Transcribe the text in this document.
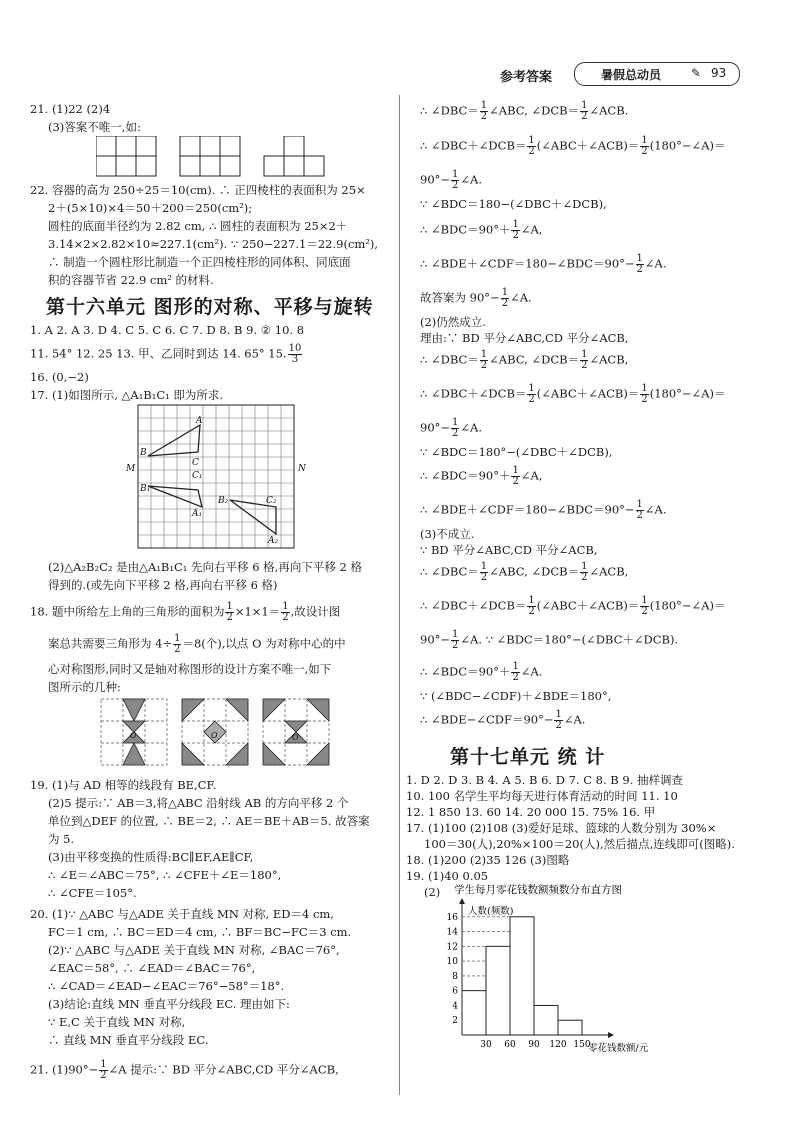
参考答案	暑假总动员 ✎ 93
21. (1)22 (2)4
(3)答案不唯一,如:
22. 容器的高为 250÷25＝10(cm). ∴ 正四棱柱的表面积为 25×
2＋(5×10)×4＝50＋200＝250(cm²);
圆柱的底面半径约为 2.82 cm, ∴ 圆柱的表面积为 25×2＋
3.14×2×2.82×10≈227.1(cm²). ∵ 250−227.1＝22.9(cm²),
∴ 制造一个圆柱形比制造一个正四棱柱形的同体积、同底面
积的容器节省 22.9 cm² 的材料.
第十六单元 图形的对称、平移与旋转
1. A 2. A 3. D 4. C 5. C 6. C 7. D 8. B 9. ② 10. 8
11. 54° 12. 25 13. 甲、乙同时到达 14. 65° 15. $\frac{10}{3}$
16. (0,−2)
17. (1)如图所示, △A₁B₁C₁ 即为所求.
A
B
C
C₁
B₁
A₁
B₂	C₂
A₂
M	N
(2)△A₂B₂C₂ 是由△A₁B₁C₁ 先向右平移 6 格,再向下平移 2 格
得到的.(或先向下平移 2 格,再向右平移 6 格)
18. 题中所给左上角的三角形的面积为 $\frac{1}{2} \times 1\times 1= \frac{1}{2}$ ,故设计图
案总共需要三角形为 $4\div \frac{1}{2} =8$(个),以点 O 为对称中心的中
心对称图形,同时又是轴对称图形的设计方案不唯一,如下
图所示的几种:
O	O	O
19. (1)与 AD 相等的线段有 BE,CF.
(2)5 提示:∵ AB＝3,将△ABC 沿射线 AB 的方向平移 2 个
单位到△DEF 的位置, ∴ BE＝2, ∴ AE＝BE＋AB＝5. 故答案
为 5.
(3)由平移变换的性质得:BC∥EF,AE∥CF,
∴ ∠E＝∠ABC＝75°, ∴ ∠CFE＋∠E＝180°,
∴ ∠CFE＝105°.
20. (1)∵ △ABC 与△ADE 关于直线 MN 对称, ED＝4 cm,
FC＝1 cm, ∴ BC＝ED＝4 cm, ∴ BF＝BC−FC＝3 cm.
(2)∵ △ABC 与△ADE 关于直线 MN 对称, ∠BAC＝76°,
∠EAC＝58°, ∴ ∠EAD＝∠BAC＝76°,
∴ ∠CAD＝∠EAD−∠EAC＝76°−58°＝18°.
(3)结论:直线 MN 垂直平分线段 EC. 理由如下:
∵ E,C 关于直线 MN 对称,
∴ 直线 MN 垂直平分线段 EC.
21. $(1)90^\circ- \frac{1}{2}$ ∠A 提示:∵ BD 平分∠ABC,CD 平分∠ACB,
∴ ∠DBC＝ $\frac{1}{2}$ ∠ABC, ∠DCB＝ $\frac{1}{2}$ ∠ACB.
∴ ∠DBC＋∠DCB＝ $\frac{1}{2}$ (∠ABC＋∠ACB)＝ $\frac{1}{2}$ (180°−∠A)＝
$90^\circ- \frac{1}{2}$ ∠A.
∵ ∠BDC＝180−(∠DBC＋∠DCB),
∴ ∠BDC＝90°＋ $\frac{1}{2}$ ∠A,
∴ ∠BDE＋∠CDF＝180−∠BDC＝90°− $\frac{1}{2}$ ∠A.
故答案为 $90^\circ- \frac{1}{2}$ ∠A.
(2)仍然成立.
理由:∵ BD 平分∠ABC,CD 平分∠ACB,
∴ ∠DBC＝ $\frac{1}{2}$ ∠ABC, ∠DCB＝ $\frac{1}{2}$ ∠ACB,
∴ ∠DBC＋∠DCB＝ $\frac{1}{2}$ (∠ABC＋∠ACB)＝ $\frac{1}{2}$ (180°−∠A)＝
$90^\circ- \frac{1}{2}$ ∠A.
∵ ∠BDC＝180°−(∠DBC＋∠DCB),
∴ ∠BDC＝90°＋ $\frac{1}{2}$ ∠A,
∴ ∠BDE＋∠CDF＝180−∠BDC＝90°− $\frac{1}{2}$ ∠A.
(3)不成立.
∵ BD 平分∠ABC,CD 平分∠ACB,
∴ ∠DBC＝ $\frac{1}{2}$ ∠ABC, ∠DCB＝ $\frac{1}{2}$ ∠ACB,
∴ ∠DBC＋∠DCB＝ $\frac{1}{2}$ (∠ABC＋∠ACB)＝ $\frac{1}{2}$ (180°−∠A)＝
$90^\circ- \frac{1}{2}$ ∠A. ∵ ∠BDC＝180°−(∠DBC＋∠DCB).
∴ ∠BDC＝90°＋ $\frac{1}{2}$ ∠A.
∵ (∠BDC−∠CDF)＋∠BDE＝180°,
∴ ∠BDE−∠CDF＝90°− $\frac{1}{2}$ ∠A.
第十七单元 统 计
1. D 2. D 3. B 4. A 5. B 6. D 7. C 8. B 9. 抽样调查
10. 100 名学生平均每天进行体育活动的时间 11. 10
12. 1 850 13. 60 14. 20 000 15. 75% 16. 甲
17. (1)100 (2)108 (3)爱好足球、篮球的人数分别为 30%×
100＝30(人),20%×100＝20(人),然后描点,连线即可(图略).
18. (1)200 (2)35 126 (3)图略
19. (1)40 0.05
(2) 学生每月零花钱数额频数分布直方图
人数(频数)
零花钱数额/元
2
4
6
8
10
12
14
16
30 60 90 120 150
